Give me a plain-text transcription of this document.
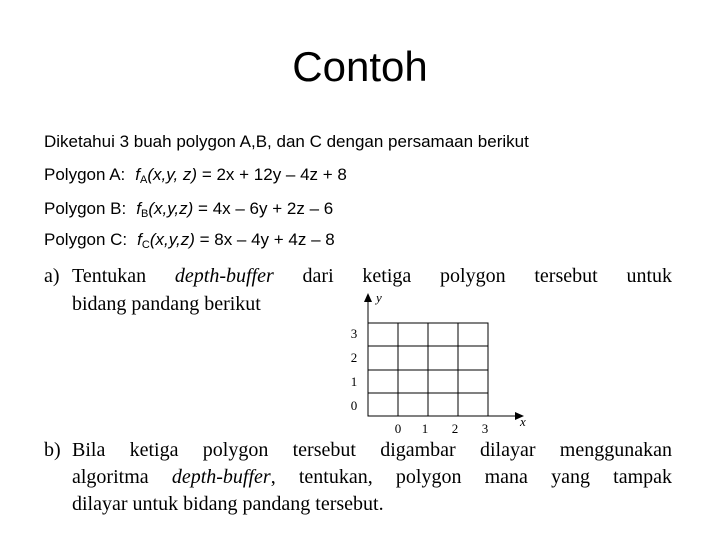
Contoh
Diketahui 3 buah polygon A,B, dan C dengan persamaan berikut
Polygon A: $f_A(x,y$, z) = 2x + 12y – 4z + 8
Polygon B: $f_B(x,y,z) = 4x - 6y + 2z - 6$
Polygon C: $f_C(x,y,z) = 8x - 4y + 4z - 8$
a) Tentukan depth-buffer dari ketiga polygon tersebut untuk
bidang pandang berikut	y
x
3
2
1
0
0 1 2 3
b) Bila ketiga polygon tersebut digambar dilayar menggunakan
algoritma depth-buffer, tentukan, polygon mana yang tampak
dilayar untuk bidang pandang tersebut.
